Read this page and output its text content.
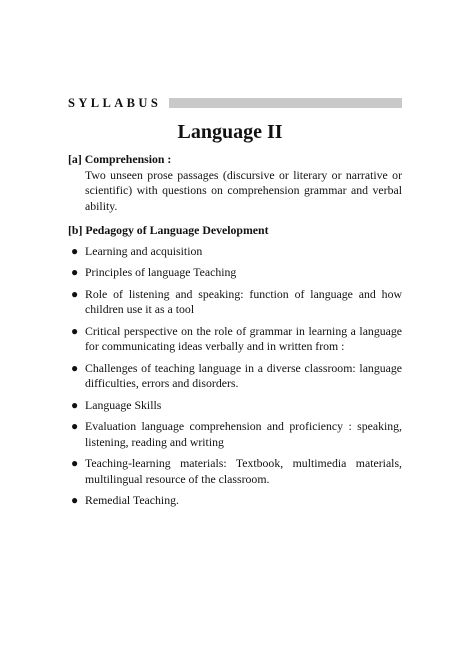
SYLLABUS
Language II

[a] Comprehension :

Two unseen prose passages (discursive or literary or narrative or scientific) with questions on comprehension grammar and verbal ability.

[b] Pedagogy of Language Development

● Learning and acquisition
● Principles of language Teaching
● Role of listening and speaking: function of language and how children use it as a tool
● Critical perspective on the role of grammar in learning a language for communicating ideas verbally and in written from :
● Challenges of teaching language in a diverse classroom: language difficulties, errors and disorders.
● Language Skills
● Evaluation language comprehension and proficiency : speaking, listening, reading and writing
● Teaching-learning materials: Textbook, multimedia materials, multilingual resource of the classroom.
● Remedial Teaching.
